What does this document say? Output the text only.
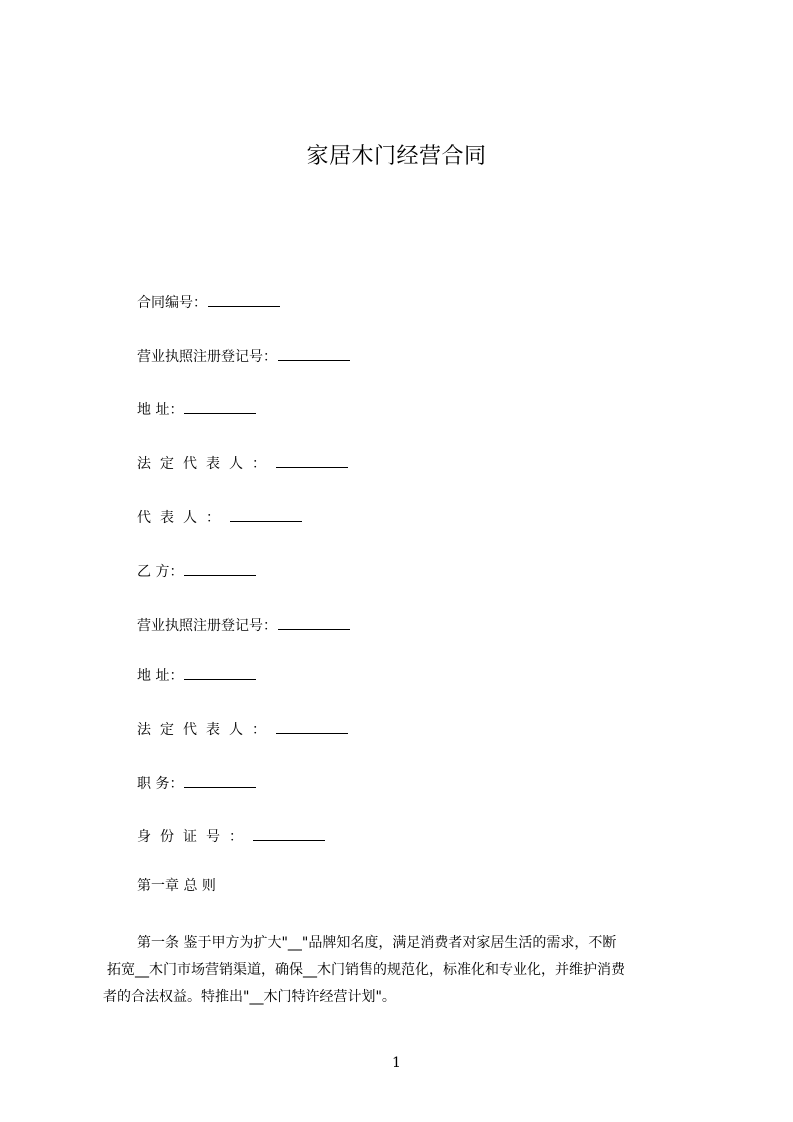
家居木门经营合同
合同编号：
营业执照注册登记号：
地 址：
法定代表人：
代表人：
乙 方：
营业执照注册登记号：
地 址：
法定代表人：
职 务：
身份证号：
第一章 总 则

第一条 鉴于甲方为扩大"__"品牌知名度，满足消费者对家居生活的需求，不断

拓宽__木门市场营销渠道，确保__木门销售的规范化，标准化和专业化，并维护消费

者的合法权益。特推出"__木门特许经营计划"。

1
